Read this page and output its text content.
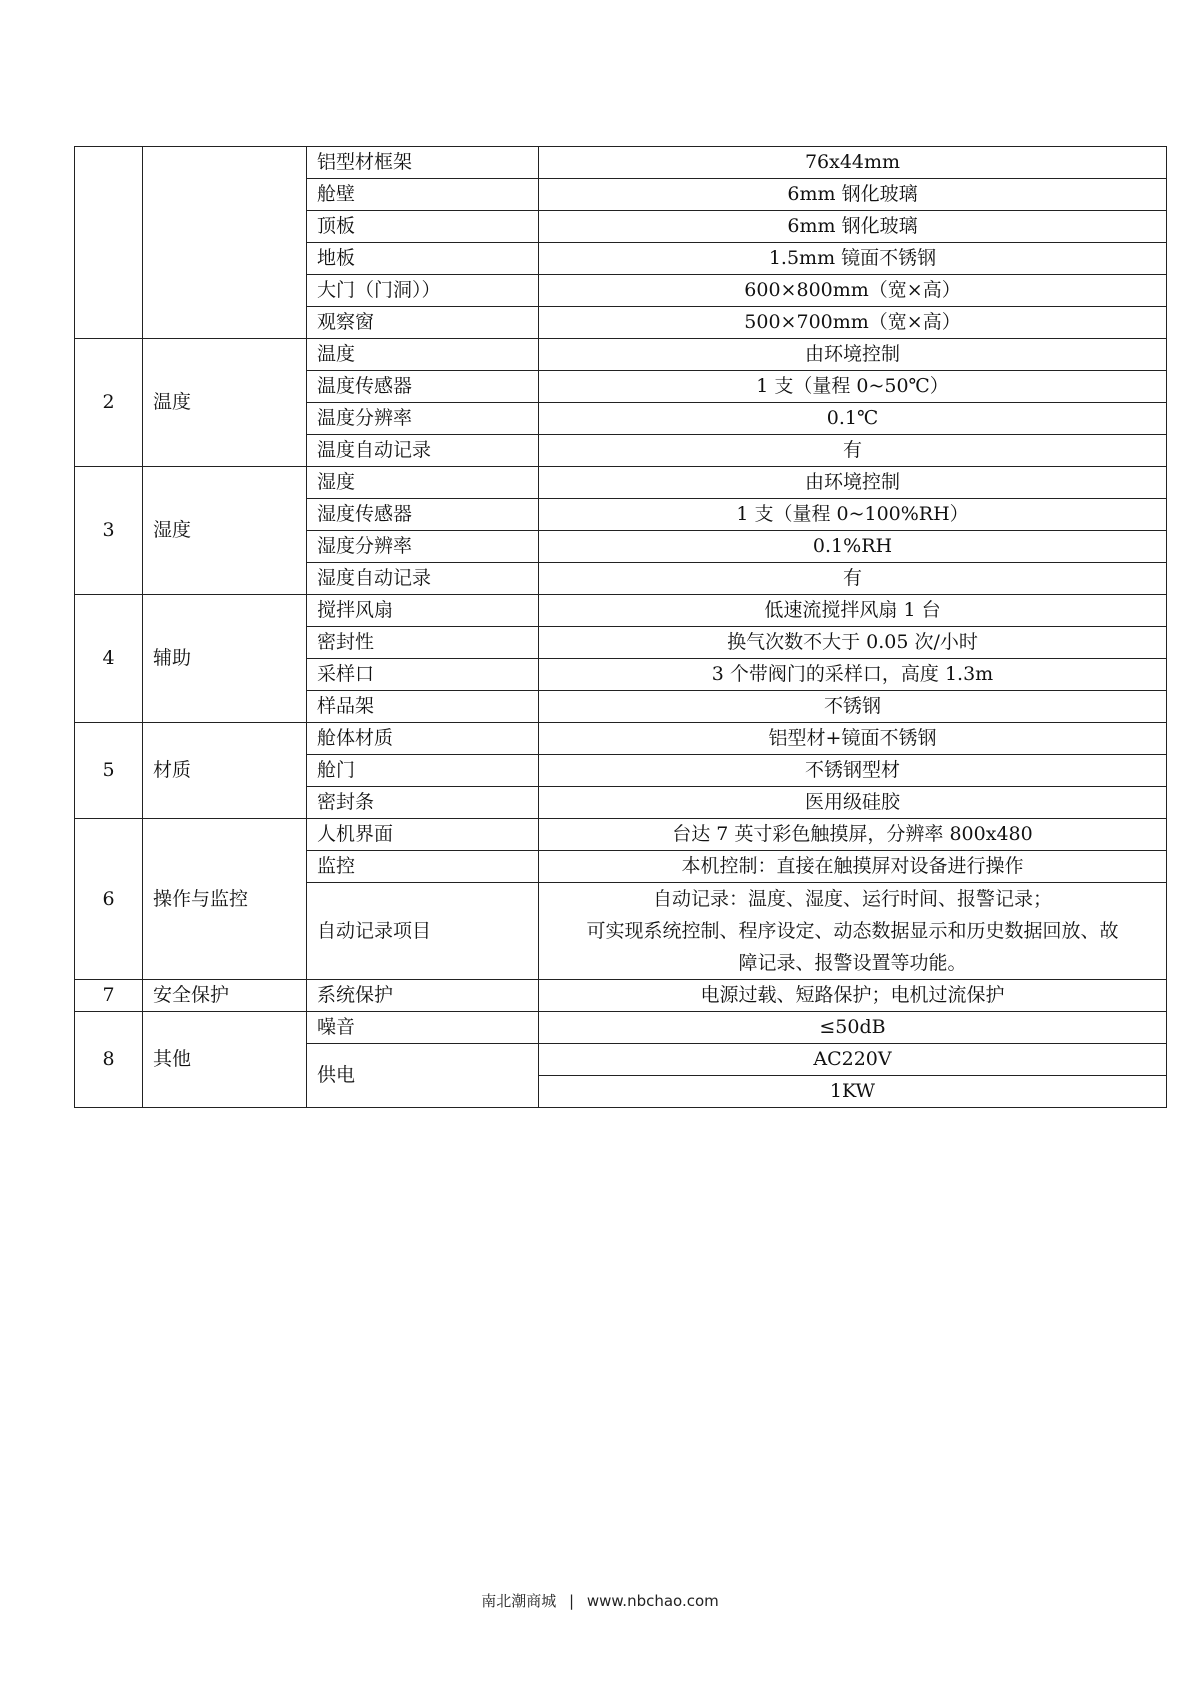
		铝型材框架	76x44mm
		舱壁	6mm 钢化玻璃
		顶板	6mm 钢化玻璃
		地板	1.5mm 镜面不锈钢
		大门（门洞））	600×800mm（宽×高）
		观察窗	500×700mm（宽×高）
2	温度	温度	由环境控制
		温度传感器	1 支（量程 0~50℃）
		温度分辨率	0.1℃
		温度自动记录	有
3	湿度	湿度	由环境控制
		湿度传感器	1 支（量程 0~100%RH）
		湿度分辨率	0.1%RH
		湿度自动记录	有
4	辅助	搅拌风扇	低速流搅拌风扇 1 台
		密封性	换气次数不大于 0.05 次/小时
		采样口	3 个带阀门的采样口，高度 1.3m
		样品架	不锈钢
5	材质	舱体材质	铝型材+镜面不锈钢
		舱门	不锈钢型材
		密封条	医用级硅胶
6	操作与监控	人机界面	台达 7 英寸彩色触摸屏，分辨率 800x480
		监控	本机控制：直接在触摸屏对设备进行操作
		自动记录项目	自动记录：温度、湿度、运行时间、报警记录；
可实现系统控制、程序设定、动态数据显示和历史数据回放、故
障记录、报警设置等功能。

7	安全保护	系统保护	电源过载、短路保护；电机过流保护
8	其他	噪音	≤50dB
		供电	AC220V
			1KW
南北潮商城 | www.nbchao.com
